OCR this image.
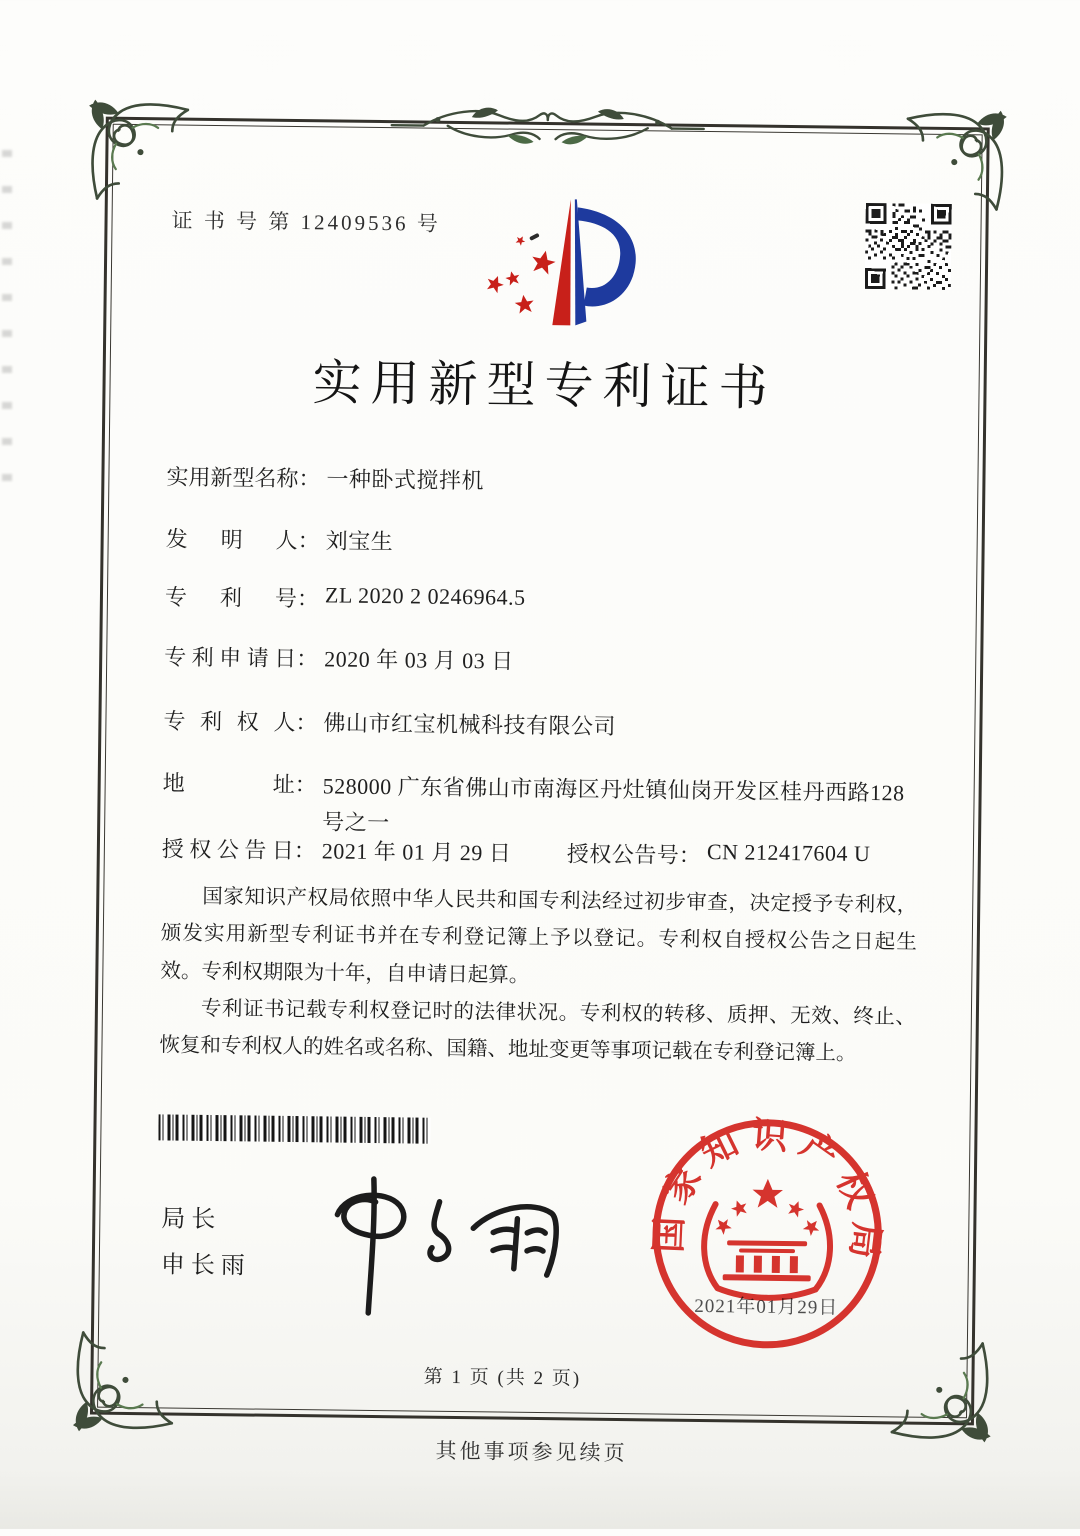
证 书 号 第 12409536 号
实用新型专利证书
实用新型名称： 一种卧式搅拌机
发明人： 刘宝生
专利号： ZL 2020 2 0246964.5
专利申请日： 2020 年 03 月 03 日
专利权人： 佛山市红宝机械科技有限公司
地址： 528000 广东省佛山市南海区丹灶镇仙岗开发区桂丹西路128号之一
授权公告日： 2021 年 01 月 29 日	授权公告号： CN 212417604 U

国家知识产权局依照中华人民共和国专利法经过初步审查，决定授予专利权，颁发实用新型专利证书并在专利登记簿上予以登记。专利权自授权公告之日起生效。专利权期限为十年，自申请日起算。

专利证书记载专利权登记时的法律状况。专利权的转移、质押、无效、终止、恢复和专利权人的姓名或名称、国籍、地址变更等事项记载在专利登记簿上。

局长
申长雨
2021年01月29日
国家知识产权局
第 1 页 (共 2 页)
其他事项参见续页
